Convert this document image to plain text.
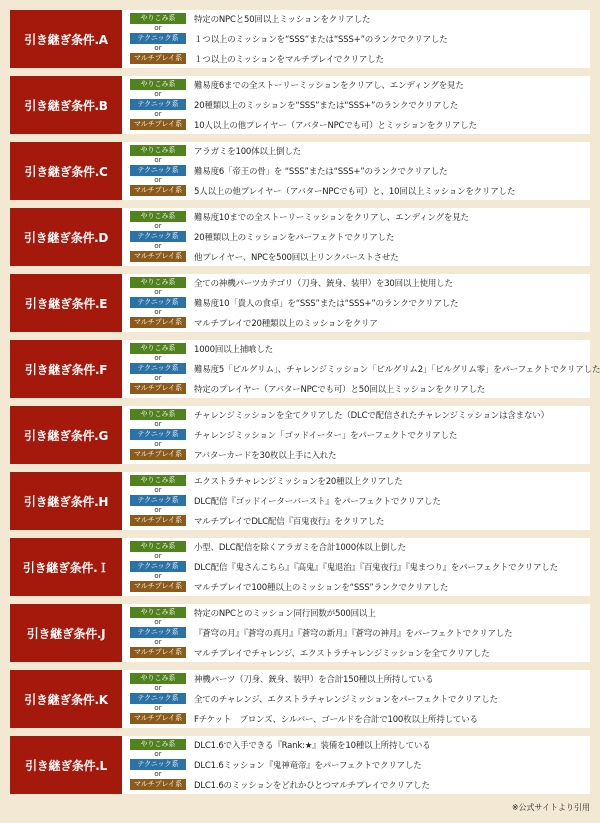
引き継ぎ条件.A
やりこみ系	特定のNPCと50回以上ミッションをクリアした
or
テクニック系	１つ以上のミッションを“SSS”または“SSS+”のランクでクリアした
or
マルチプレイ系	１つ以上のミッションをマルチプレイでクリアした
引き継ぎ条件.B
やりこみ系	難易度6までの全ストーリーミッションをクリアし、エンディングを見た
or
テクニック系	20種類以上のミッションを“SSS”または“SSS+”のランクでクリアした
or
マルチプレイ系	10人以上の他プレイヤー（アバターNPCでも可）とミッションをクリアした
引き継ぎ条件.C
やりこみ系	アラガミを100体以上倒した
or
テクニック系	難易度6「帝王の骨」を “SSS”または“SSS+”のランクでクリアした
or
マルチプレイ系	5人以上の他プレイヤー（アバターNPCでも可）と、10回以上ミッションをクリアした
引き継ぎ条件.D
やりこみ系	難易度10までの全ストーリーミッションをクリアし、エンディングを見た
or
テクニック系	20種類以上のミッションをパーフェクトでクリアした
or
マルチプレイ系	他プレイヤー、NPCを500回以上リンクバーストさせた
引き継ぎ条件.E
やりこみ系	全ての神機パーツカテゴリ（刀身、銃身、装甲）を30回以上使用した
or
テクニック系	難易度10「貴人の食卓」を“SSS”または“SSS+”のランクでクリアした
or
マルチプレイ系	マルチプレイで20種類以上のミッションをクリア
引き継ぎ条件.F
やりこみ系	1000回以上捕喰した
or
テクニック系	難易度5「ピルグリム」、チャレンジミッション「ピルグリム2」「ピルグリム零」をパーフェクトでクリアした
or
マルチプレイ系	特定のプレイヤー（アバターNPCでも可）と50回以上ミッションをクリアした
引き継ぎ条件.G
やりこみ系	チャレンジミッションを全てクリアした（DLCで配信されたチャレンジミッションは含まない）
or
テクニック系	チャレンジミッション「ゴッドイーター」をパーフェクトでクリアした
or
マルチプレイ系	アバターカードを30枚以上手に入れた
引き継ぎ条件.H
やりこみ系	エクストラチャレンジミッションを20種以上クリアした
or
テクニック系	DLC配信『ゴッドイーターバースト』をパーフェクトでクリアした
or
マルチプレイ系	マルチプレイでDLC配信『百鬼夜行』をクリアした
引き継ぎ条件.Ｉ
やりこみ系	小型、DLC配信を除くアラガミを合計1000体以上倒した
or
テクニック系	DLC配信『鬼さんこちら』『高鬼』『鬼退治』『百鬼夜行』『鬼まつり』をパーフェクトでクリアした
or
マルチプレイ系	マルチプレイで100種以上のミッションを“SSS”ランクでクリアした
引き継ぎ条件.J
やりこみ系	特定のNPCとのミッション同行回数が500回以上
or
テクニック系	『蒼穹の月』『蒼穹の真月』『蒼穹の新月』『蒼穹の神月』をパーフェクトでクリアした
or
マルチプレイ系	マルチプレイでチャレンジ、エクストラチャレンジミッションを全てクリアした
引き継ぎ条件.K
やりこみ系	神機パーツ（刀身、銃身、装甲）を合計150種以上所持している
or
テクニック系	全てのチャレンジ、エクストラチャレンジミッションをパーフェクトでクリアした
or
マルチプレイ系	Fチケット　ブロンズ、シルバー、ゴールドを合計で100枚以上所持している
引き継ぎ条件.L
やりこみ系	DLC1.6で入手できる『Rank:★』装備を10種以上所持している
or
テクニック系	DLC1.6ミッション『鬼神竜帝』をパーフェクトでクリアした
or
マルチプレイ系	DLC1.6のミッションをどれかひとつマルチプレイでクリアした
※公式サイトより引用
